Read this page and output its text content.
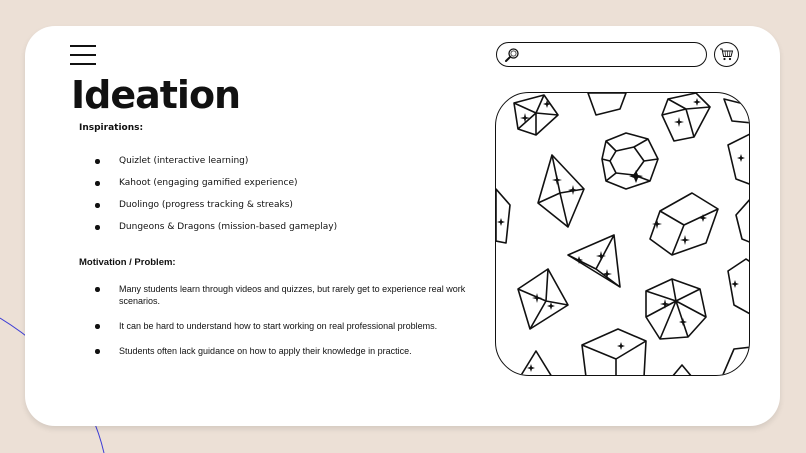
Ideation
Inspirations:
Quizlet (interactive learning)
Kahoot (engaging gamified experience)
Duolingo (progress tracking & streaks)
Dungeons & Dragons (mission-based gameplay)
Motivation / Problem:
Many students learn through videos and quizzes, but rarely get to experience real work scenarios.
It can be hard to understand how to start working on real professional problems.
Students often lack guidance on how to apply their knowledge in practice.
